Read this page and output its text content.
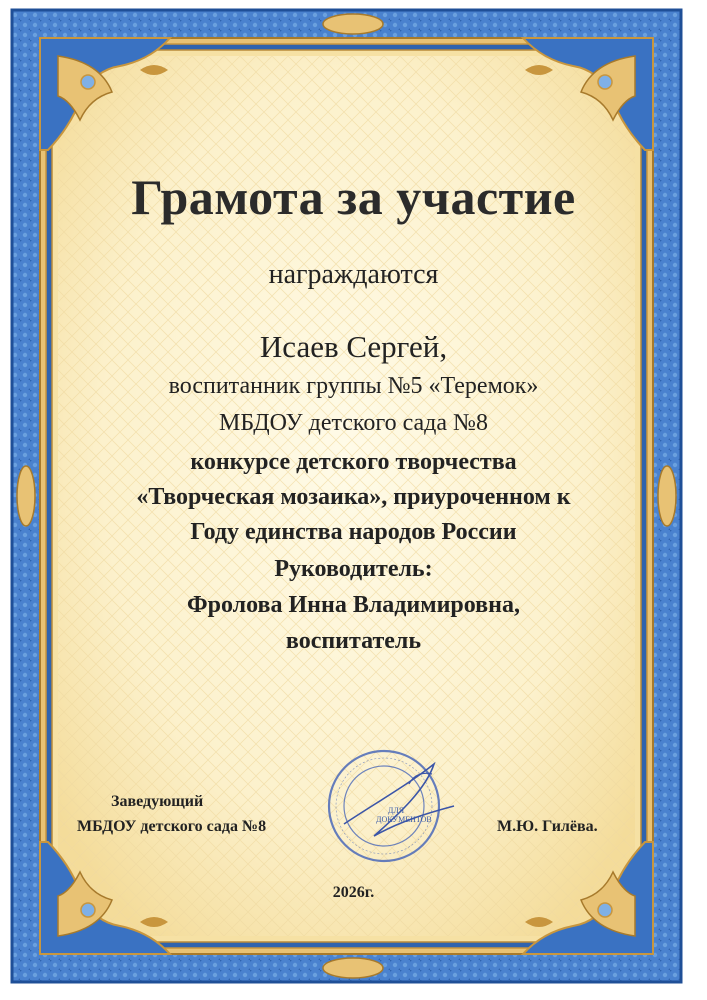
Грамота за участие
награждаются
Исаев Сергей,
воспитанник группы №5 «Теремок»
МБДОУ детского сада №8
конкурсе детского творчества
«Творческая мозаика», приуроченном к
Году единства народов России
Руководитель:
Фролова Инна Владимировна,
воспитатель
ДЛЯ ДОКУМЕНТОВ
Заведующий
МБДОУ детского сада №8	М.Ю. Гилёва.
2026г.
